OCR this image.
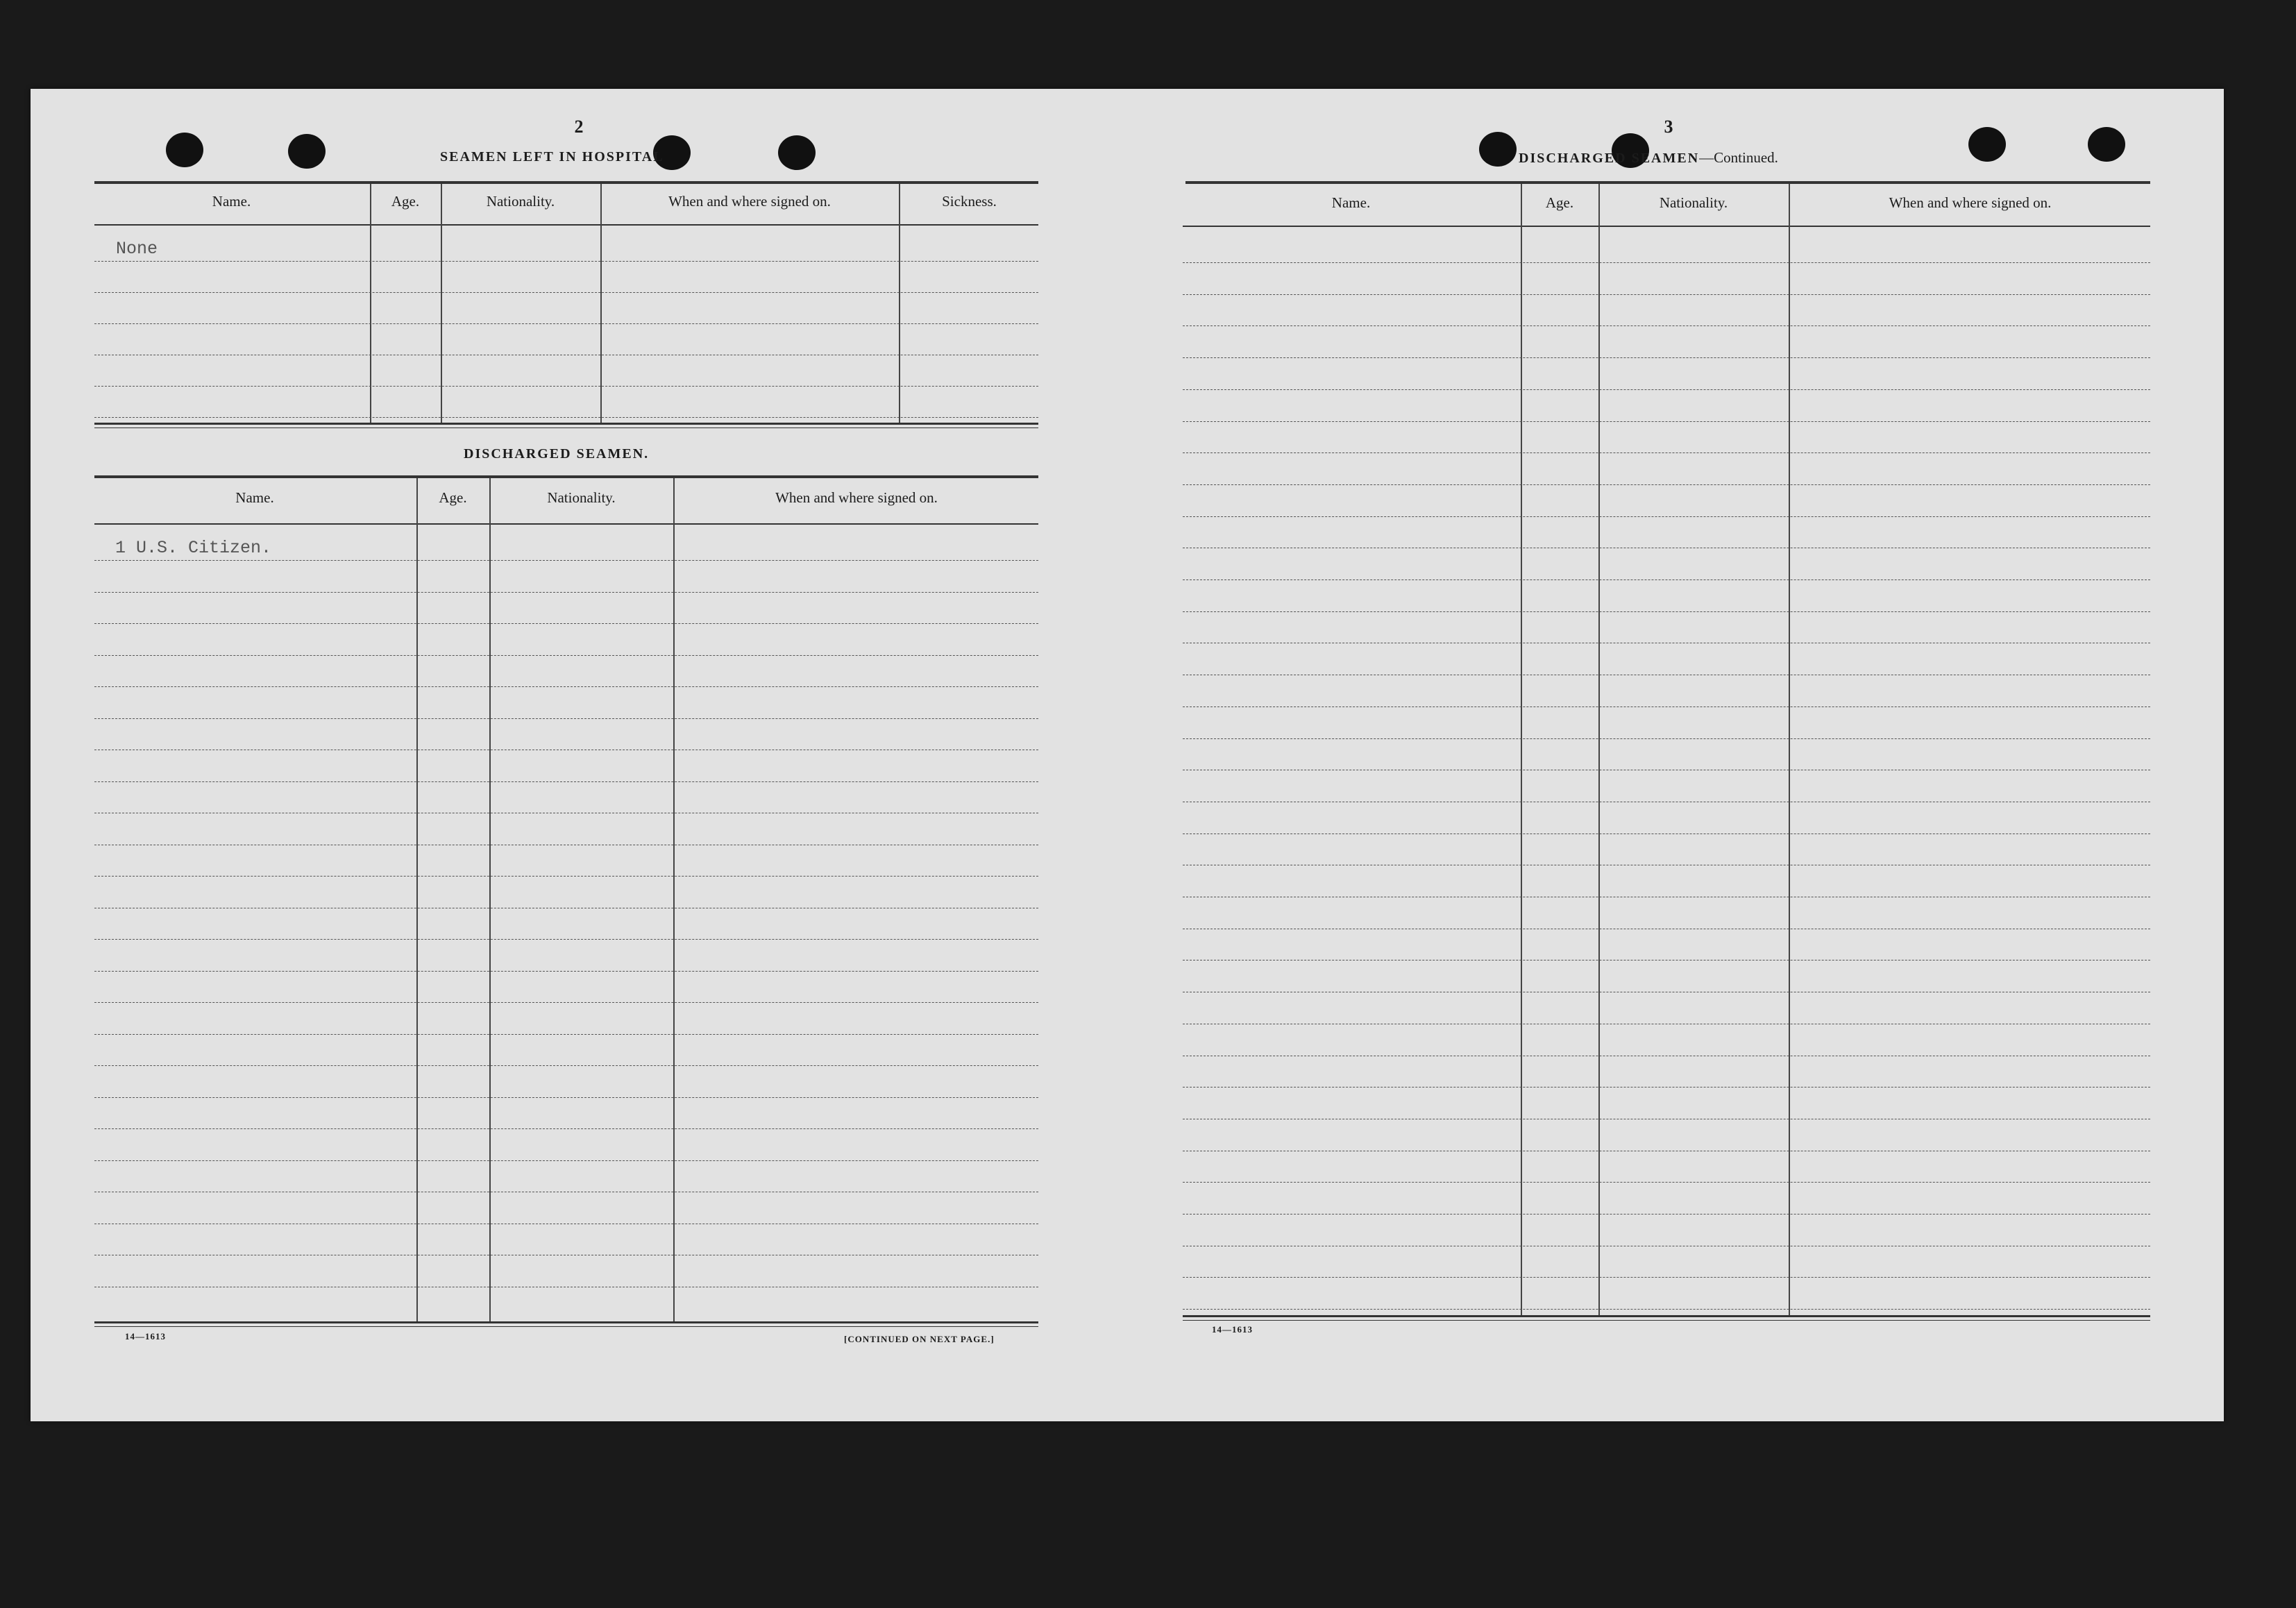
2
SEAMEN LEFT IN HOSPITAL
Name.	Age.	Nationality.	When and where signed on.	Sickness.
None
DISCHARGED SEAMEN.
Name.	Age.	Nationality.	When and where signed on.
1 U.S. Citizen.
14—1613	[CONTINUED ON NEXT PAGE.]
3
DISCHARGED SEAMEN—Continued.
Name.	Age.	Nationality.	When and where signed on.
14—1613
